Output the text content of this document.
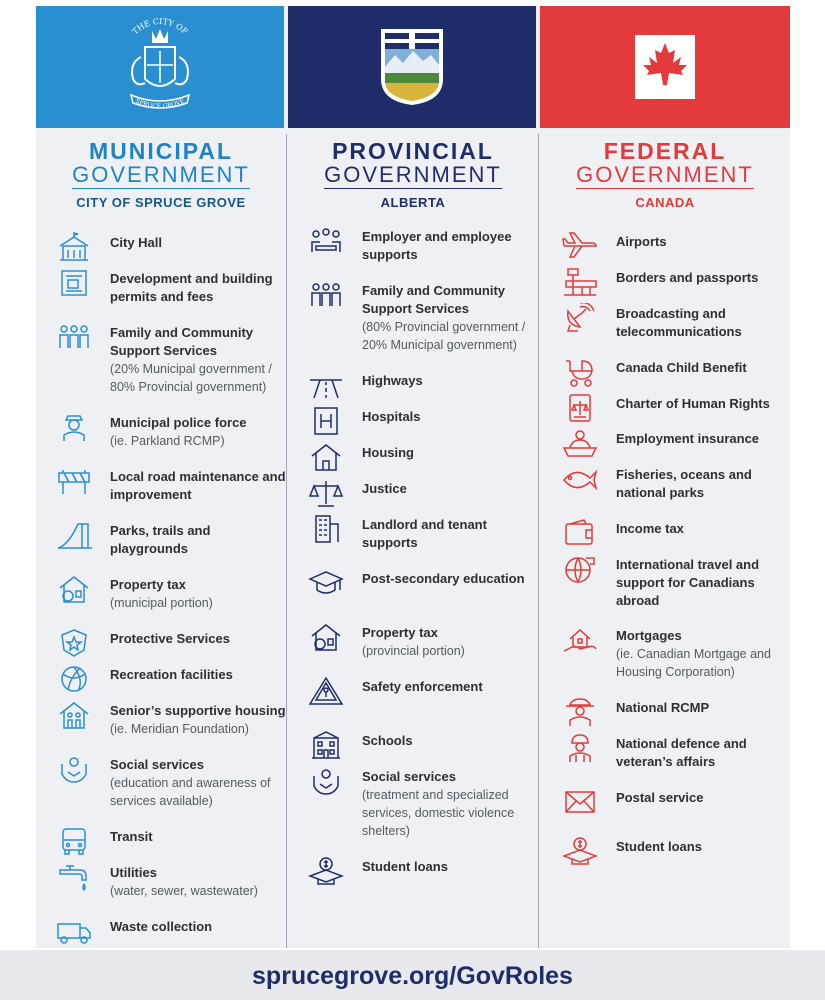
THE CITY OF
SPRUCE GROVE
MUNICIPAL
GOVERNMENT
CITY OF SPRUCE GROVE
City Hall
Development and building permits and fees
Family and Community Support Services
(20% Municipal government / 80% Provincial government)
Municipal police force
(ie. Parkland RCMP)
Local road maintenance and improvement
Parks, trails and playgrounds
Property tax
(municipal portion)
Protective Services
Recreation facilities
Senior’s supportive housing
(ie. Meridian Foundation)
Social services
(education and awareness of services available)
Transit
Utilities
(water, sewer, wastewater)
Waste collection
PROVINCIAL
GOVERNMENT
ALBERTA
Employer and employee supports
Family and Community Support Services
(80% Provincial government / 20% Municipal government)
Highways
Hospitals
Housing
Justice
Landlord and tenant supports
Post-secondary education
Property tax
(provincial portion)
Safety enforcement
Schools
Social services
(treatment and specialized services, domestic violence shelters)
Student loans
FEDERAL
GOVERNMENT
CANADA
Airports
Borders and passports
Broadcasting and telecommunications
Canada Child Benefit
Charter of Human Rights
Employment insurance
Fisheries, oceans and national parks
Income tax
International travel and support for Canadians abroad
Mortgages
(ie. Canadian Mortgage and Housing Corporation)
National RCMP
National defence and veteran’s affairs
Postal service
Student loans
sprucegrove.org/GovRoles
